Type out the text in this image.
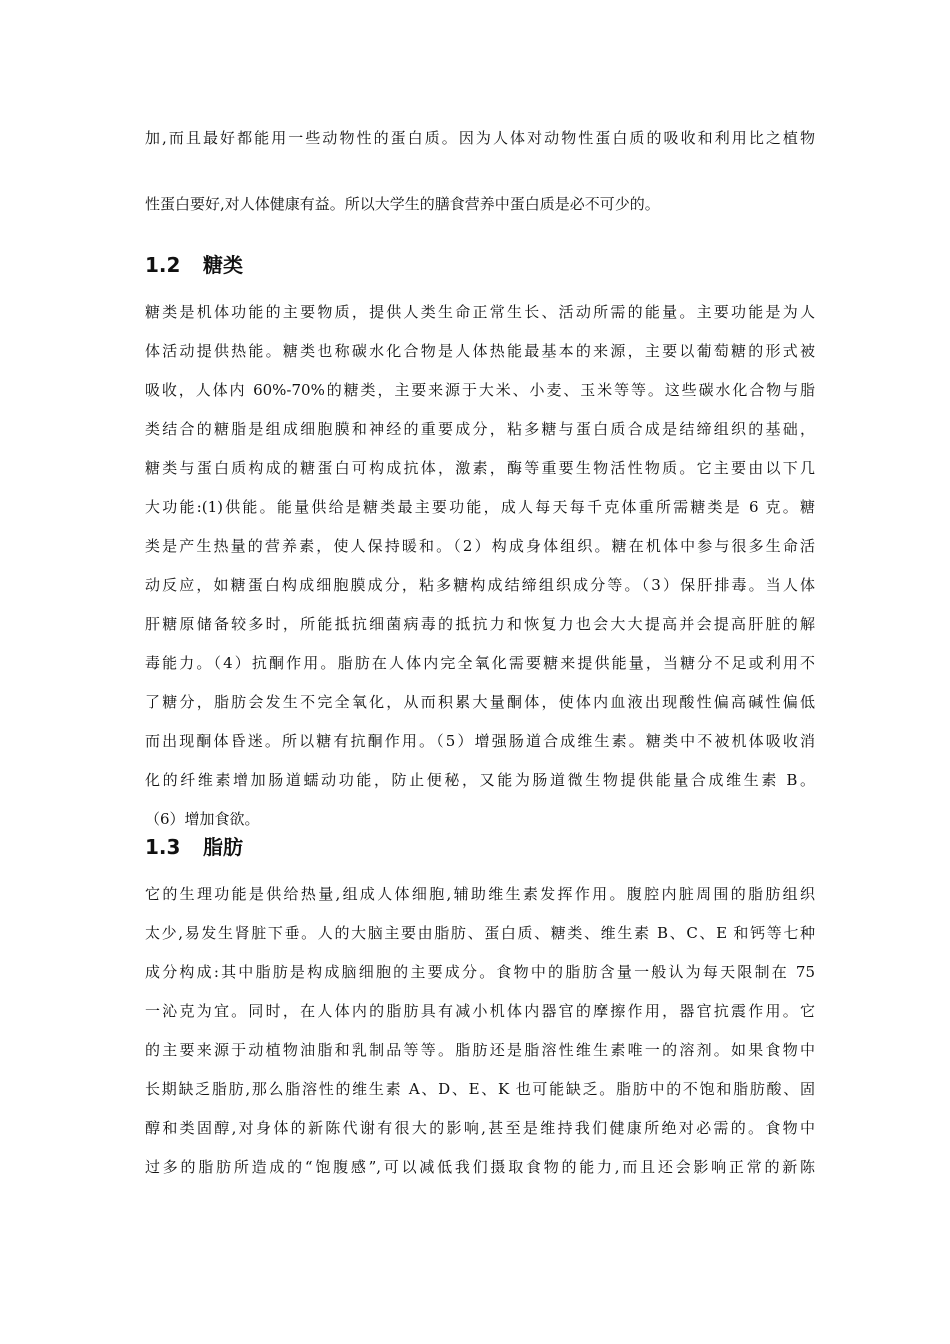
加,而且最好都能用一些动物性的蛋白质。因为人体对动物性蛋白质的吸收和利用比之植物
性蛋白要好,对人体健康有益。所以大学生的膳食营养中蛋白质是必不可少的。
1.2 糖类
糖类是机体功能的主要物质，提供人类生命正常生长、活动所需的能量。主要功能是为人
体活动提供热能。糖类也称碳水化合物是人体热能最基本的来源，主要以葡萄糖的形式被
吸收，人体内 60%-70%的糖类，主要来源于大米、小麦、玉米等等。这些碳水化合物与脂
类结合的糖脂是组成细胞膜和神经的重要成分，粘多糖与蛋白质合成是结缔组织的基础，
糖类与蛋白质构成的糖蛋白可构成抗体，激素，酶等重要生物活性物质。它主要由以下几
大功能:(1)供能。能量供给是糖类最主要功能，成人每天每千克体重所需糖类是 6 克。糖
类是产生热量的营养素，使人保持暖和。（2）构成身体组织。糖在机体中参与很多生命活
动反应，如糖蛋白构成细胞膜成分，粘多糖构成结缔组织成分等。（3）保肝排毒。当人体
肝糖原储备较多时，所能抵抗细菌病毒的抵抗力和恢复力也会大大提高并会提高肝脏的解
毒能力。（4）抗酮作用。脂肪在人体内完全氧化需要糖来提供能量，当糖分不足或利用不
了糖分，脂肪会发生不完全氧化，从而积累大量酮体，使体内血液出现酸性偏高碱性偏低
而出现酮体昏迷。所以糖有抗酮作用。（5）增强肠道合成维生素。糖类中不被机体吸收消
化的纤维素增加肠道蠕动功能，防止便秘，又能为肠道微生物提供能量合成维生素 B。
（6）增加食欲。
1.3 脂肪
它的生理功能是供给热量,组成人体细胞,辅助维生素发挥作用。腹腔内脏周围的脂肪组织
太少,易发生肾脏下垂。人的大脑主要由脂肪、蛋白质、糖类、维生素 B、C、E 和钙等七种
成分构成:其中脂肪是构成脑细胞的主要成分。食物中的脂肪含量一般认为每天限制在 75
一沁克为宜。同时，在人体内的脂肪具有减小机体内器官的摩擦作用，器官抗震作用。它
的主要来源于动植物油脂和乳制品等等。脂肪还是脂溶性维生素唯一的溶剂。如果食物中
长期缺乏脂肪,那么脂溶性的维生素 A、D、E、K 也可能缺乏。脂肪中的不饱和脂肪酸、固
醇和类固醇,对身体的新陈代谢有很大的影响,甚至是维持我们健康所绝对必需的。食物中
过多的脂肪所造成的“饱腹感”,可以减低我们摄取食物的能力,而且还会影响正常的新陈
